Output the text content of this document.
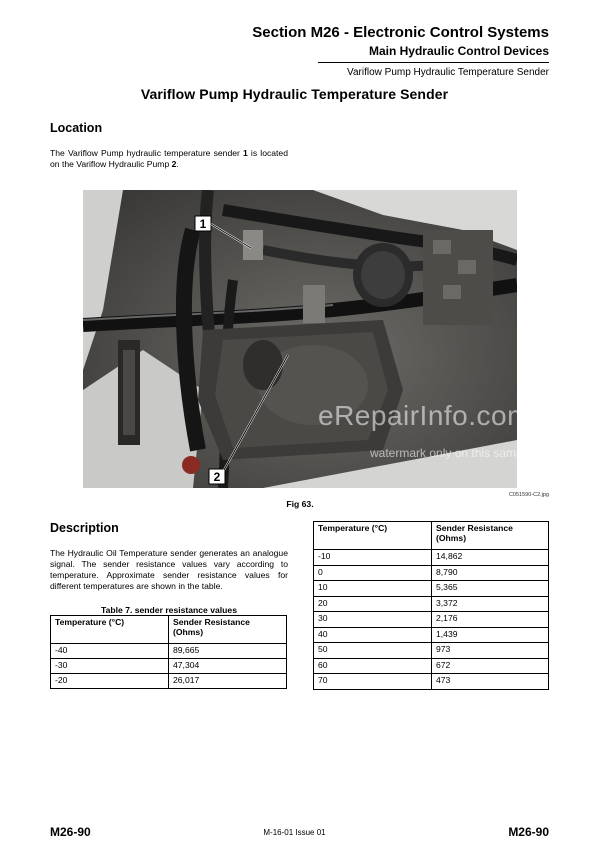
Section M26 - Electronic Control Systems
Main Hydraulic Control Devices
Variflow Pump Hydraulic Temperature Sender
Variflow Pump Hydraulic Temperature Sender
Location
The Variflow Pump hydraulic temperature sender 1 is located on the Variflow Hydraulic Pump 2.
1
2
eRepairInfo.com
watermark only on this sample
C051590-C2.jpg
Fig 63.
Description
The Hydraulic Oil Temperature sender generates an analogue signal. The sender resistance values vary according to temperature. Approximate sender resistance values for different temperatures are shown in the table.
Table 7. sender resistance values
Temperature (°C)	Sender Resistance (Ohms)
-40	89,665
-30	47,304
-20	26,017
Temperature (°C)	Sender Resistance (Ohms)
-10	14,862
0	8,790
10	5,365
20	3,372
30	2,176
40	1,439
50	973
60	672
70	473
M26-90	M-16-01 Issue 01	M26-90
